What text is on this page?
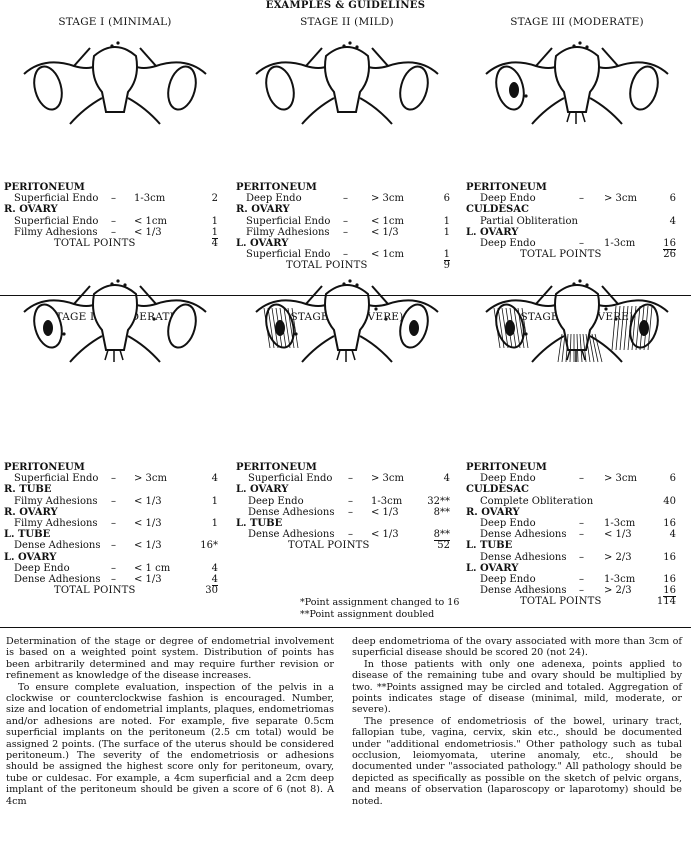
EXAMPLES & GUIDELINES
STAGE I (MINIMAL)
PERITONEUM
Superficial Endo – 1-3cm	2
R. OVARY
Superficial Endo – < 1cm	1
Filmy Adhesions – < 1/3	1
TOTAL POINTS	4
STAGE II (MILD)
PERITONEUM
Deep Endo	– > 3cm	6
R. OVARY
Superficial Endo – < 1cm	1
Filmy Adhesions – < 1/3	1
L. OVARY
Superficial Endo – < 1cm	1
TOTAL POINTS	9
STAGE III (MODERATE)
PERITONEUM
Deep Endo	– > 3cm	6
CULDESAC
Partial Obliteration	4
L. OVARY
Deep Endo	– 1-3cm	16
TOTAL POINTS	26
STAGE (MODERATE)
PERITONEUM
Superficial Endo – > 3cm	4
R. TUBE
Filmy Adhesions – < 1/3	1
R. OVARY
Filmy Adhesions – < 1/3	1
L. TUBE
Dense Adhesions – < 1/3	16*
L. OVARY
Deep Endo	– < 1 cm	4
Dense Adhesions – < 1/3	4
TOTAL POINTS	30
STAGE (SEVERE)
PERITONEUM
Superficial Endo – > 3cm	4
L. OVARY
Deep Endo	– 1-3cm	32**
Dense Adhesions – < 1/3	8**
L. TUBE
Dense Adhesions – < 1/3	8**
TOTAL POINTS	52
STAGE (SEVERE)
PERITONEUM
Deep Endo	– > 3cm	6
CULDESAC
Complete Obliteration	40
R. OVARY
Deep Endo	– 1-3cm	16
Dense Adhesions – < 1/3	4
L. TUBE
Dense Adhesions – > 2/3	16
L. OVARY
Deep Endo	– 1-3cm	16
Dense Adhesions – > 2/3	16
TOTAL POINTS	114
*Point assignment changed to 16
**Point assignment doubled

Determination of the stage or degree of endometrial involvement is based on a weighted point system. Distribution of points has been arbitrarily determined and may require further revision or refinement as knowledge of the disease increases.

To ensure complete evaluation, inspection of the pelvis in a clockwise or counterclockwise fashion is encouraged. Number, size and location of endometrial implants, plaques, endometriomas and/or adhesions are noted. For example, five separate 0.5cm superficial implants on the peritoneum (2.5 cm total) would be assigned 2 points. (The surface of the uterus should be considered peritoneum.) The severity of the endometriosis or adhesions should be assigned the highest score only for peritoneum, ovary, tube or culdesac. For example, a 4cm superficial and a 2cm deep implant of the peritoneum should be given a score of 6 (not 8). A 4cm

deep endometrioma of the ovary associated with more than 3cm of superficial disease should be scored 20 (not 24).

In those patients with only one adenexa, points applied to disease of the remaining tube and ovary should be multiplied by two. **Points assigned may be circled and totaled. Aggregation of points indicates stage of disease (minimal, mild, moderate, or severe).

The presence of endometriosis of the bowel, urinary tract, fallopian tube, vagina, cervix, skin etc., should be documented under "additional endometriosis." Other pathology such as tubal occlusion, leiomyomata, uterine anomaly, etc., should be documented under "associated pathology." All pathology should be depicted as specifically as possible on the sketch of pelvic organs, and means of observation (laparoscopy or laparotomy) should be noted.
